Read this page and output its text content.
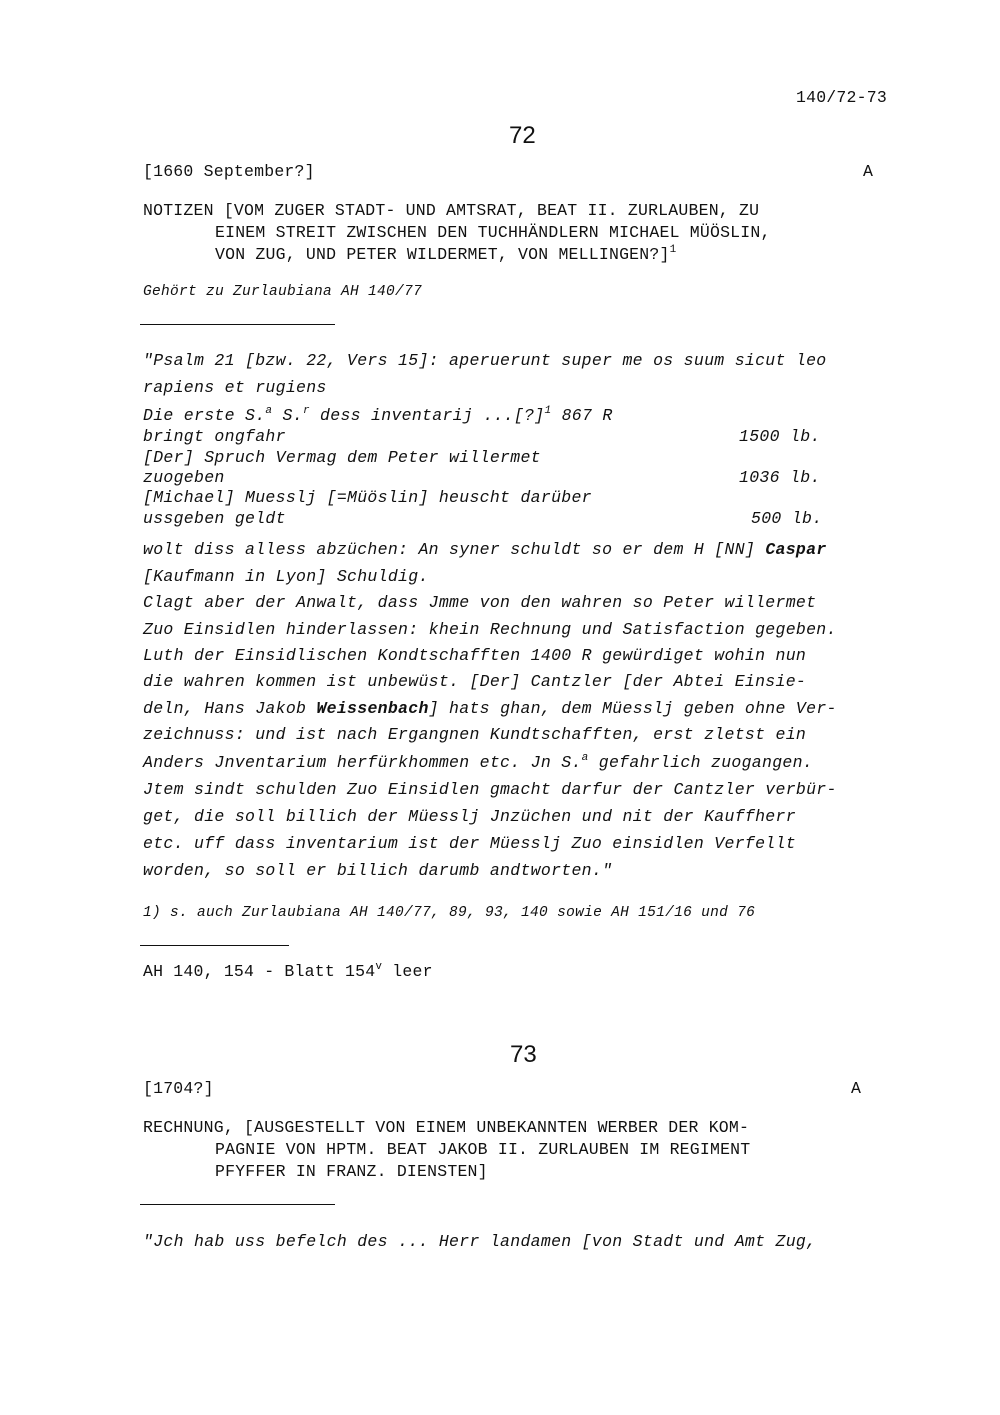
140/72-73
72
[1660 September?]	A
NOTIZEN [VOM ZUGER STADT- UND AMTSRAT, BEAT II. ZURLAUBEN, ZU
EINEM STREIT ZWISCHEN DEN TUCHHÄNDLERN MICHAEL MÜÖSLIN,
VON ZUG, UND PETER WILDERMET, VON MELLINGEN?]$^1$
Gehört zu Zurlaubiana AH 140/77
"Psalm 21 [bzw. 22, Vers 15]: aperuerunt super me os suum sicut leo
rapiens et rugiens
Die erste S.$^a$ S.$^r$ dess inventarij ...[?]$^1$ 867 R
bringt ongfahr	1500 lb.
[Der] Spruch Vermag dem Peter willermet
zuogeben	1036 lb.
[Michael] Muesslj [=Müöslin] heuscht darüber
ussgeben geldt	500 lb.
wolt diss alless abzüchen: An syner schuldt so er dem H [NN] Caspar
[Kaufmann in Lyon] Schuldig.
Clagt aber der Anwalt, dass Jmme von den wahren so Peter willermet
Zuo Einsidlen hinderlassen: khein Rechnung und Satisfaction gegeben.
Luth der Einsidlischen Kondtschafften 1400 R gewürdiget wohin nun
die wahren kommen ist unbewüst. [Der] Cantzler [der Abtei Einsie-
deln, Hans Jakob Weissenbach] hats ghan, dem Müesslj geben ohne Ver-
zeichnuss: und ist nach Ergangnen Kundtschafften, erst zletst ein
Anders Jnventarium herfürkhommen etc. Jn S.$^a$ gefahrlich zuogangen.
Jtem sindt schulden Zuo Einsidlen gmacht darfur der Cantzler verbür-
get, die soll billich der Müesslj Jnzüchen und nit der Kauffherr
etc. uff dass inventarium ist der Müesslj Zuo einsidlen Verfellt
worden, so soll er billich darumb andtworten."
1) s. auch Zurlaubiana AH 140/77, 89, 93, 140 sowie AH 151/16 und 76
AH 140, 154 - Blatt 154$^v$ leer
73
[1704?]	A
RECHNUNG, [AUSGESTELLT VON EINEM UNBEKANNTEN WERBER DER KOM-
PAGNIE VON HPTM. BEAT JAKOB II. ZURLAUBEN IM REGIMENT
PFYFFER IN FRANZ. DIENSTEN]
"Jch hab uss befelch des ... Herr landamen [von Stadt und Amt Zug,
